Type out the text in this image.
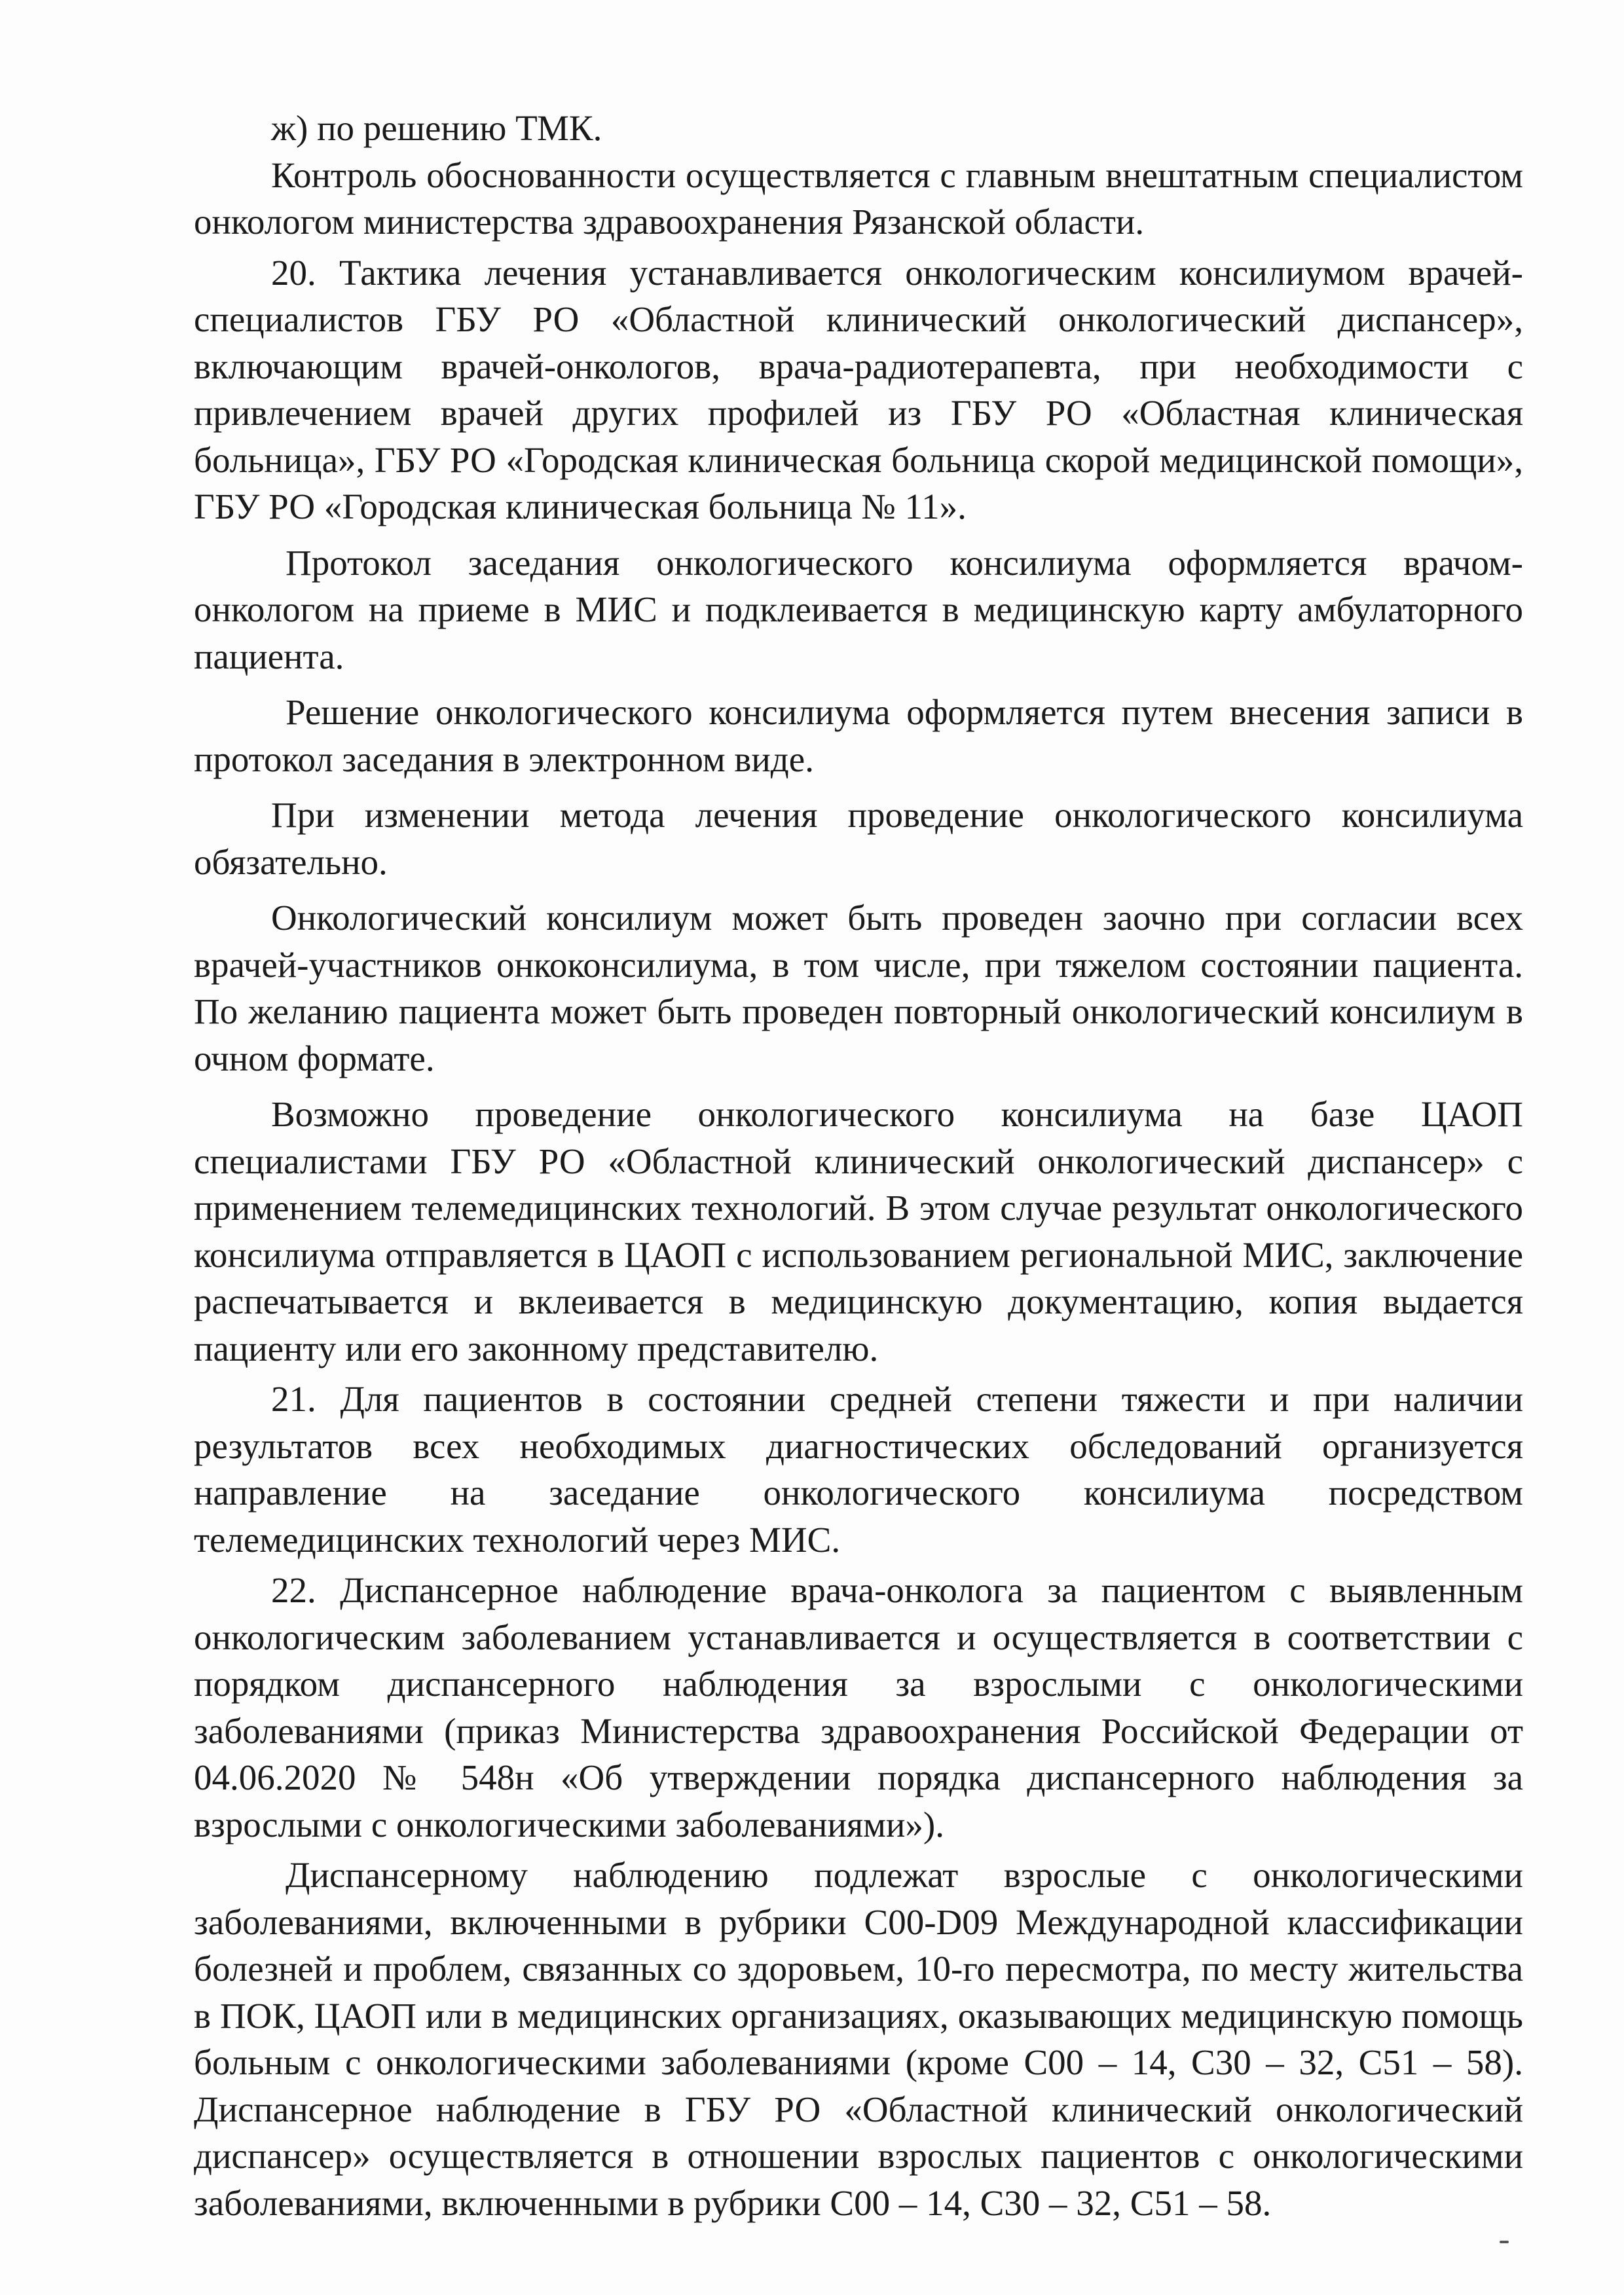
ж) по решению ТМК.

Контроль обоснованности осуществляется с главным внештатным специалистом онкологом министерства здравоохранения Рязанской области.

20. Тактика лечения устанавливается онкологическим консилиумом врачей-специалистов ГБУ РО «Областной клинический онкологический диспансер», включающим врачей-онкологов, врача-радиотерапевта, при необходимости с привлечением врачей других профилей из ГБУ РО «Областная клиническая больница», ГБУ РО «Городская клиническая больница скорой медицинской помощи», ГБУ РО «Городская клиническая больница № 11».

Протокол заседания онкологического консилиума оформляется врачом-онкологом на приеме в МИС и подклеивается в медицинскую карту амбулаторного пациента.

Решение онкологического консилиума оформляется путем внесения записи в протокол заседания в электронном виде.

При изменении метода лечения проведение онкологического консилиума обязательно.

Онкологический консилиум может быть проведен заочно при согласии всех врачей-участников онкоконсилиума, в том числе, при тяжелом состоянии пациента. По желанию пациента может быть проведен повторный онкологический консилиум в очном формате.

Возможно проведение онкологического консилиума на базе ЦАОП специалистами ГБУ РО «Областной клинический онкологический диспансер» с применением телемедицинских технологий. В этом случае результат онкологического консилиума отправляется в ЦАОП с использованием региональной МИС, заключение распечатывается и вклеивается в медицинскую документацию, копия выдается пациенту или его законному представителю.

21. Для пациентов в состоянии средней степени тяжести и при наличии результатов всех необходимых диагностических обследований организуется направление на заседание онкологического консилиума посредством телемедицинских технологий через МИС.

22. Диспансерное наблюдение врача-онколога за пациентом с выявленным онкологическим заболеванием устанавливается и осуществляется в соответствии с порядком диспансерного наблюдения за взрослыми с онкологическими заболеваниями (приказ Министерства здравоохранения Российской Федерации от 04.06.2020 № 548н «Об утверждении порядка диспансерного наблюдения за взрослыми с онкологическими заболеваниями»).

Диспансерному наблюдению подлежат взрослые с онкологическими заболеваниями, включенными в рубрики С00-D09 Международной классификации болезней и проблем, связанных со здоровьем, 10-го пересмотра, по месту жительства в ПОК, ЦАОП или в медицинских организациях, оказывающих медицинскую помощь больным с онкологическими заболеваниями (кроме С00 – 14, С30 – 32, С51 – 58). Диспансерное наблюдение в ГБУ РО «Областной клинический онкологический диспансер» осуществляется в отношении взрослых пациентов с онкологическими заболеваниями, включенными в рубрики С00 – 14, С30 – 32, С51 – 58.
